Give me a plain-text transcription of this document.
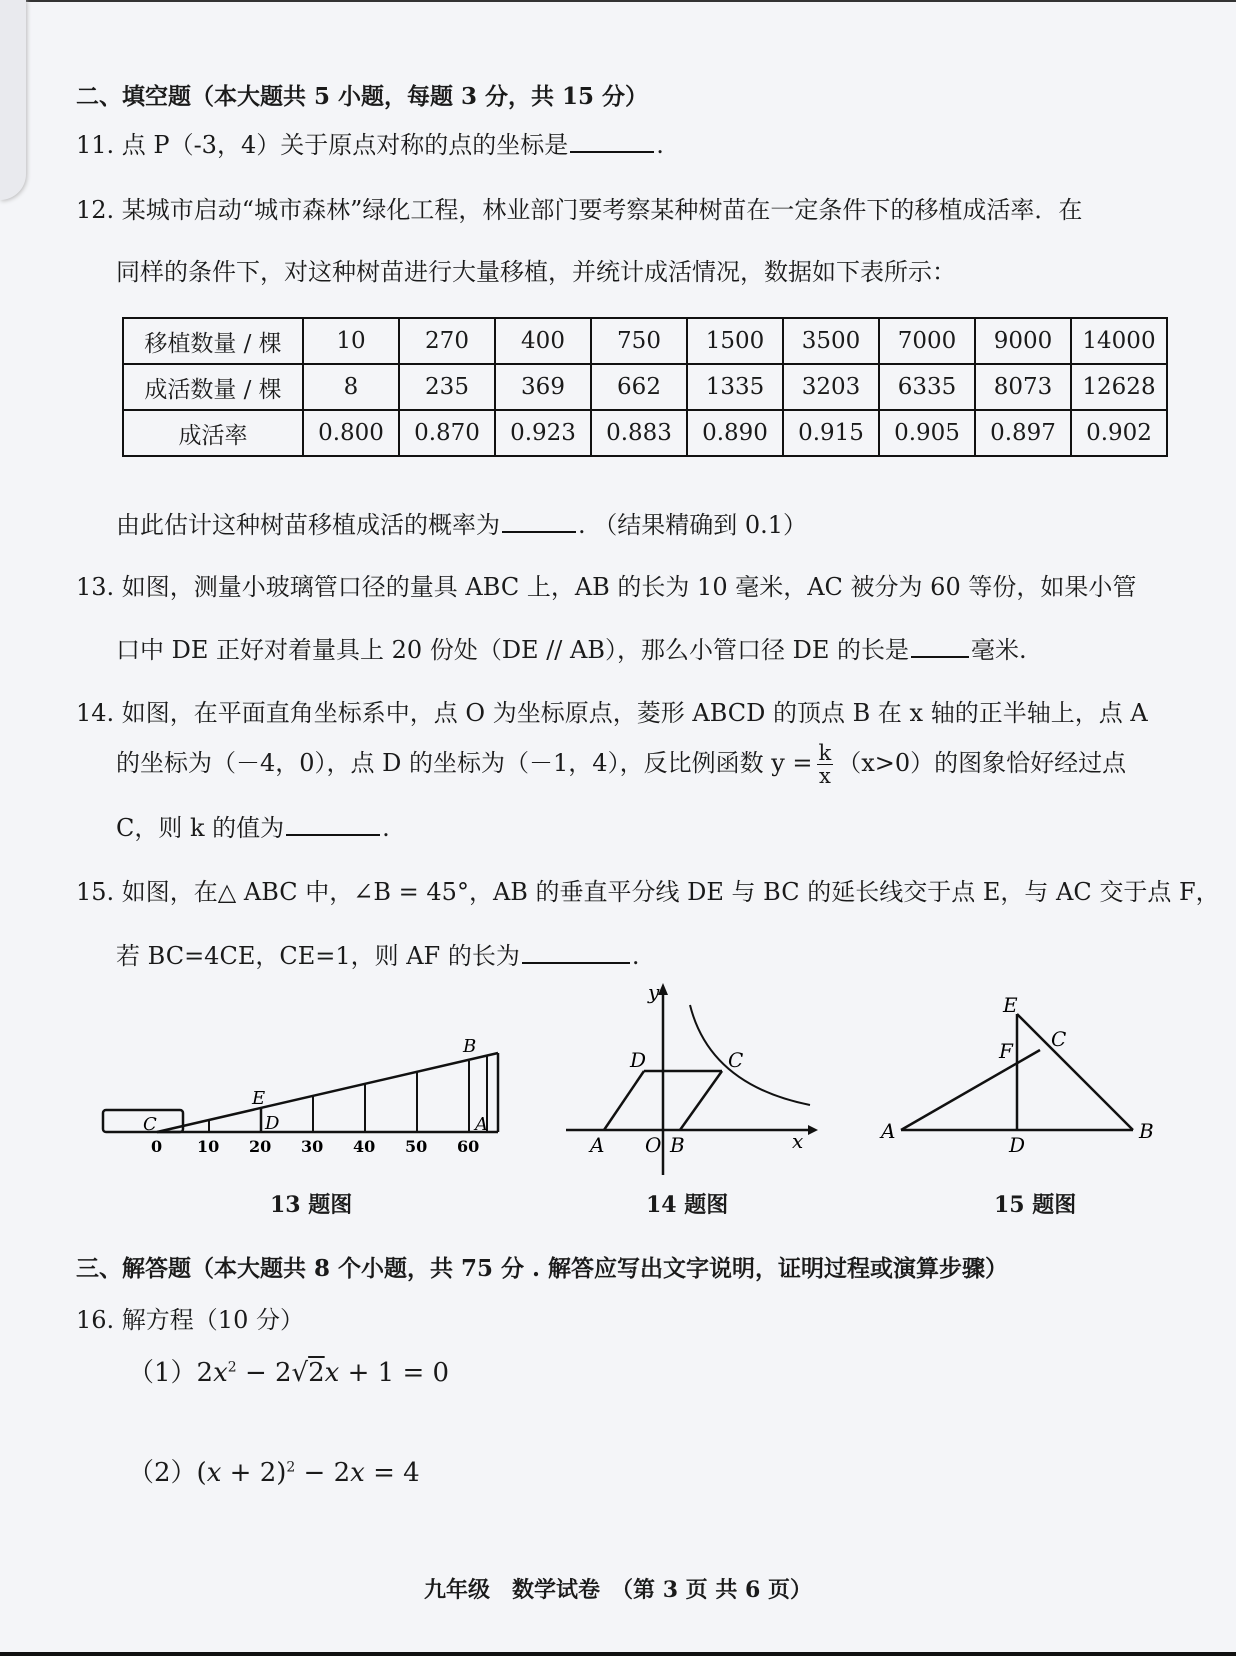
二、填空题（本大题共 5 小题，每题 3 分，共 15 分）
11. 点 P（-3，4）关于原点对称的点的坐标是	.
12. 某城市启动“城市森林”绿化工程，林业部门要考察某种树苗在一定条件下的移植成活率．在
同样的条件下，对这种树苗进行大量移植，并统计成活情况，数据如下表所示：
移植数量 / 棵	10	270	400	750	1500	3500	7000	9000	14000
成活数量 / 棵	8	235	369	662	1335	3203	6335	8073	12628
成活率	0.800	0.870	0.923	0.883	0.890	0.915	0.905	0.897	0.902
由此估计这种树苗移植成活的概率为	. （结果精确到 0.1）
13. 如图，测量小玻璃管口径的量具 ABC 上，AB 的长为 10 毫米，AC 被分为 60 等份，如果小管
口中 DE 正好对着量具上 20 份处（DE // AB），那么小管口径 DE 的长是	毫米.
14. 如图，在平面直角坐标系中，点 O 为坐标原点，菱形 ABCD 的顶点 B 在 x 轴的正半轴上，点 A
的坐标为（－4，0），点 D 的坐标为（－1，4），反比例函数 $y = \frac{k}{x} (x>0)$的图象恰好经过点
C，则 k 的值为	.
15. 如图，在△ ABC 中，∠B = 45°，AB 的垂直平分线 DE 与 BC 的延长线交于点 E，与 AC 交于点 F，
若 BC=4CE，CE=1，则 AF 的长为	.
C
E
D
B
A
0 10 20 30 40 50 60
13 题图
y
x
D	C
A O B
14 题图
E
C
F
A
D
B
15 题图
三、解答题（本大题共 8 个小题，共 75 分 . 解答应写出文字说明，证明过程或演算步骤）
16. 解方程（10 分）
$(1)2x^2 - 2√2x + 1 = 0$
$(2)(x + 2)^2 - 2x = 4$
九年级　数学试卷　（第 3 页 共 6 页）
